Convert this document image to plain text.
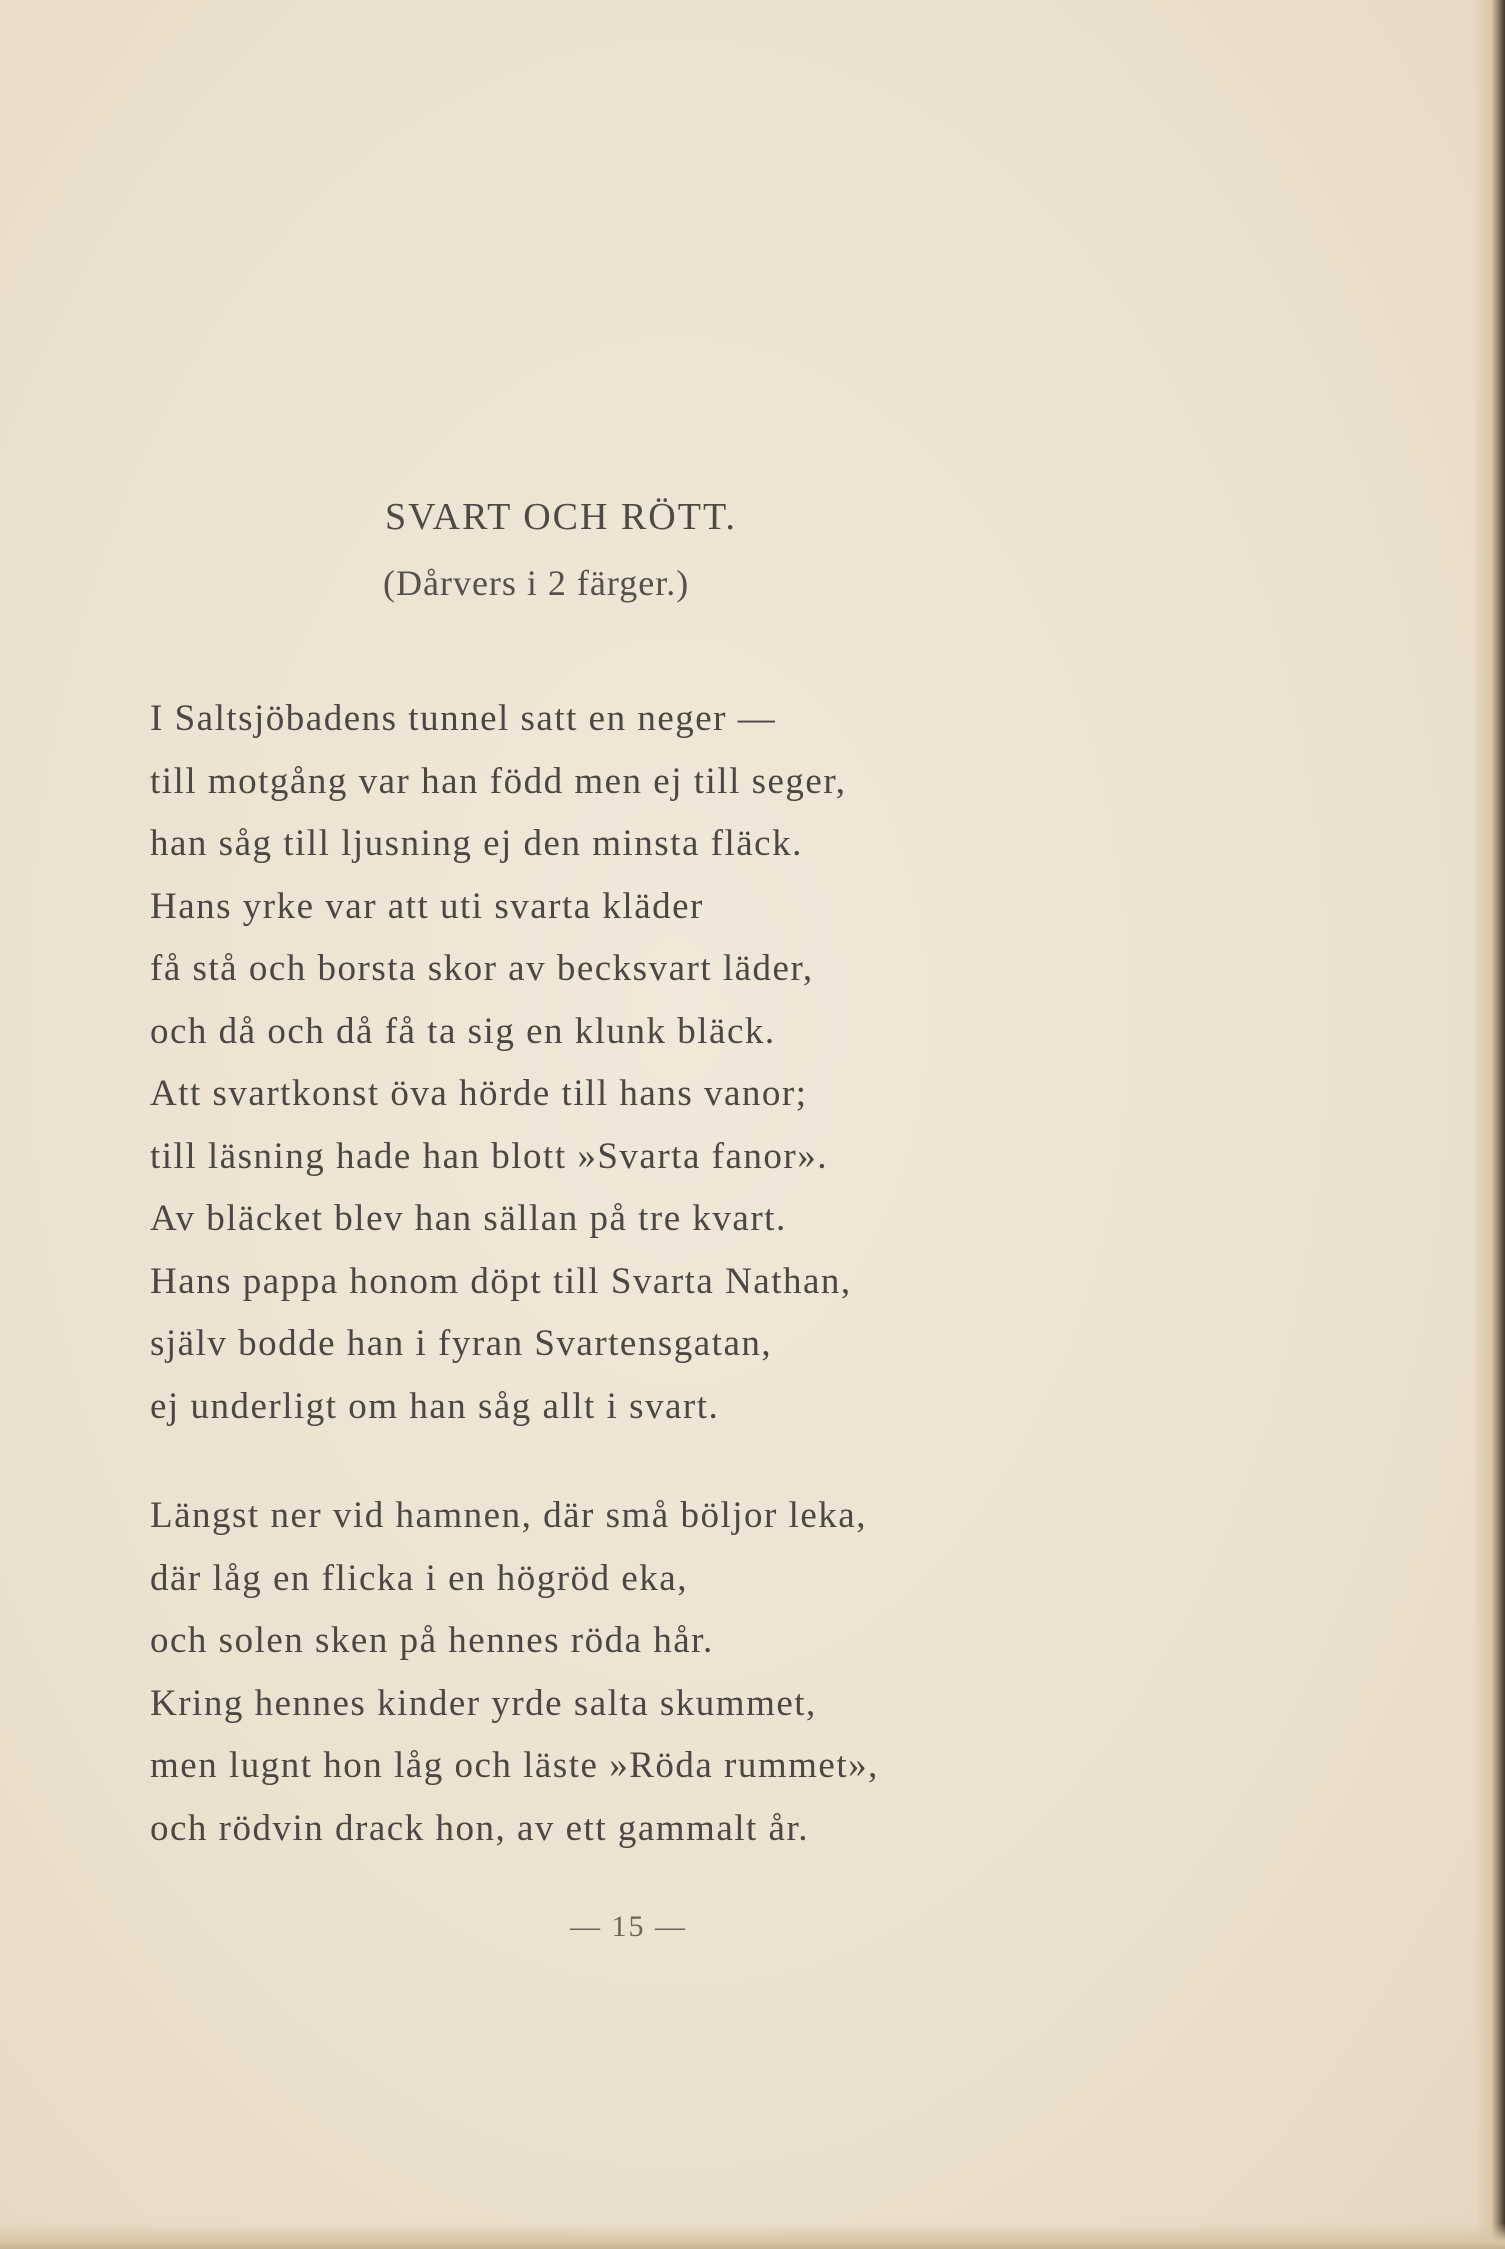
SVART OCH RÖTT.
(Dårvers i 2 färger.)
I Saltsjöbadens tunnel satt en neger —
till motgång var han född men ej till seger,
han såg till ljusning ej den minsta fläck.
Hans yrke var att uti svarta kläder
få stå och borsta skor av becksvart läder,
och då och då få ta sig en klunk bläck.
Att svartkonst öva hörde till hans vanor;
till läsning hade han blott »Svarta fanor».
Av bläcket blev han sällan på tre kvart.
Hans pappa honom döpt till Svarta Nathan,
själv bodde han i fyran Svartensgatan,
ej underligt om han såg allt i svart.
Längst ner vid hamnen, där små böljor leka,
där låg en flicka i en högröd eka,
och solen sken på hennes röda hår.
Kring hennes kinder yrde salta skummet,
men lugnt hon låg och läste »Röda rummet»,
och rödvin drack hon, av ett gammalt år.
— 15 —
